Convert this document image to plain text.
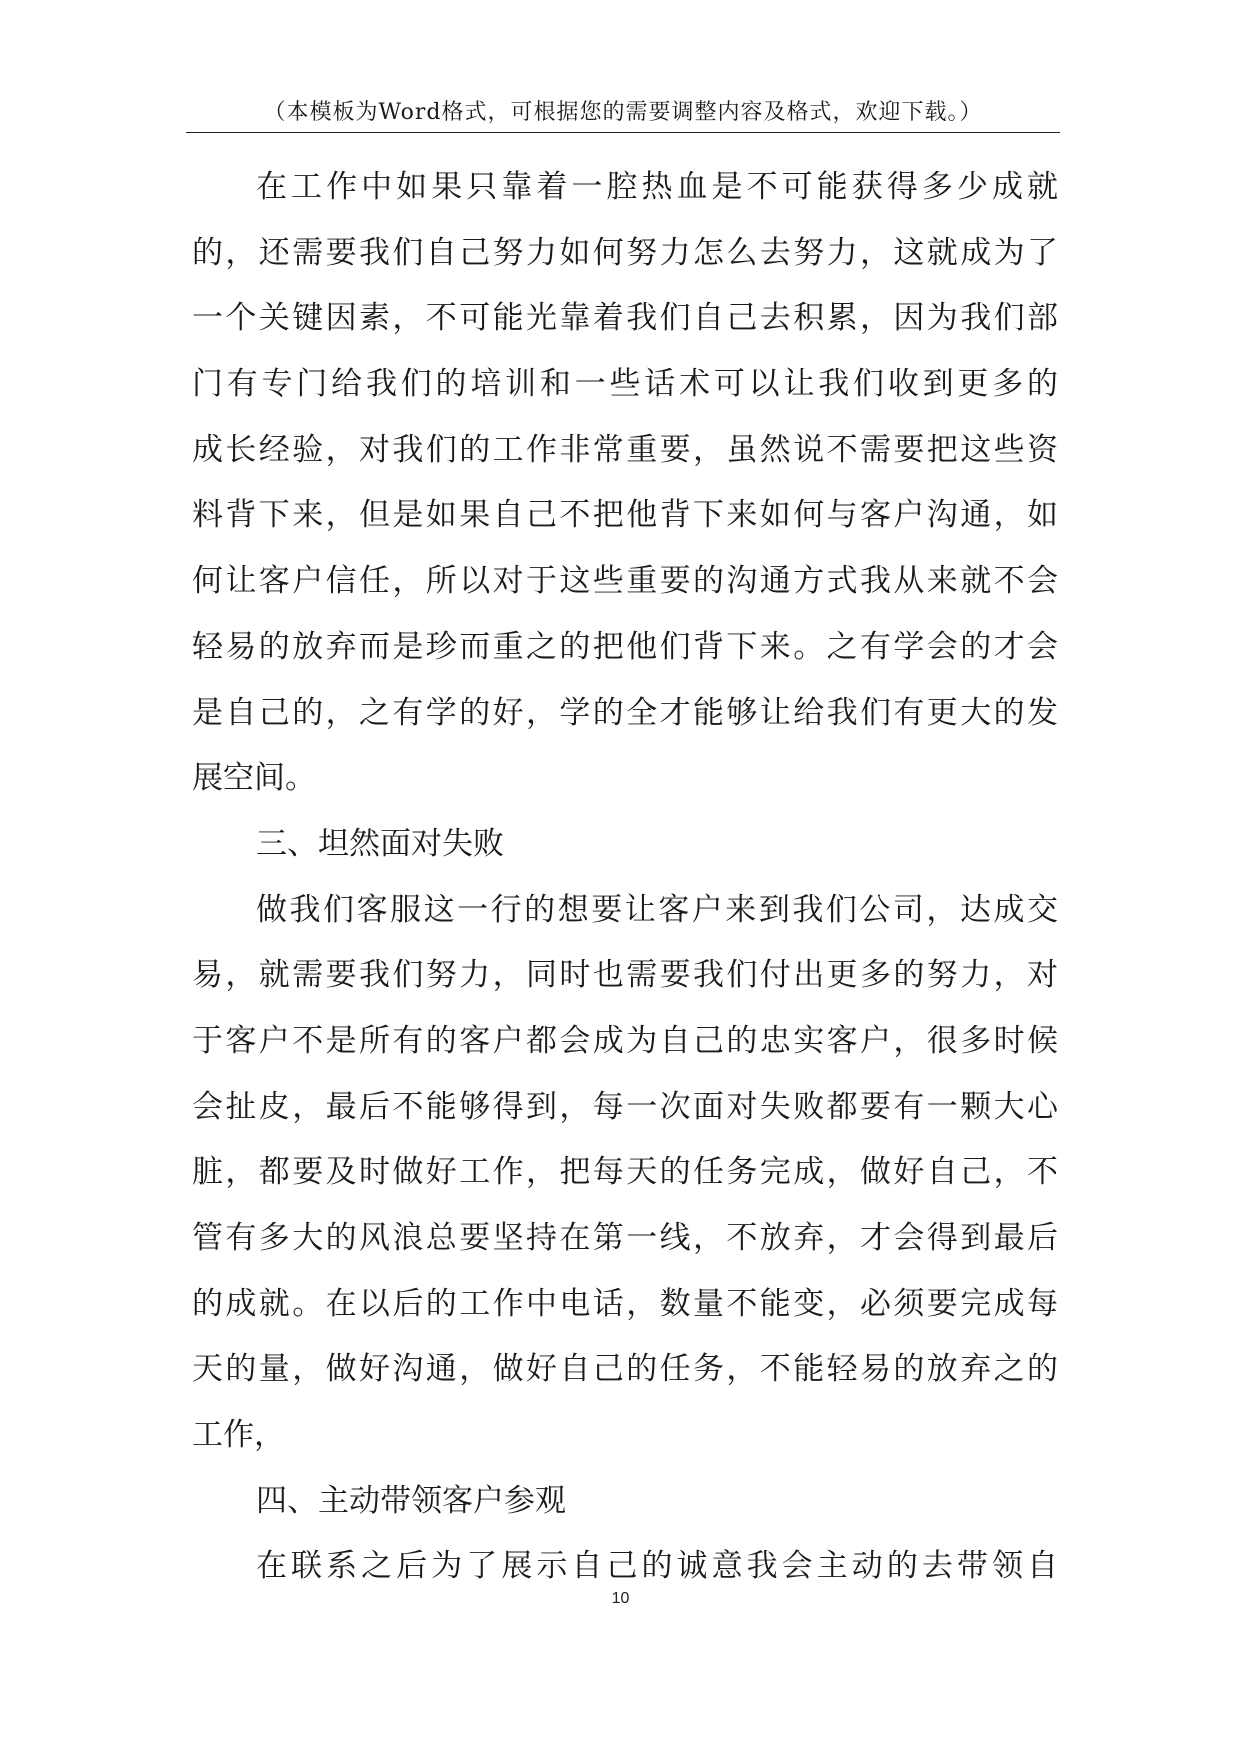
（本模板为Word格式，可根据您的需要调整内容及格式，欢迎下载。）
在工作中如果只靠着一腔热血是不可能获得多少成就
的，还需要我们自己努力如何努力怎么去努力，这就成为了
一个关键因素，不可能光靠着我们自己去积累，因为我们部
门有专门给我们的培训和一些话术可以让我们收到更多的
成长经验，对我们的工作非常重要，虽然说不需要把这些资
料背下来，但是如果自己不把他背下来如何与客户沟通，如
何让客户信任，所以对于这些重要的沟通方式我从来就不会
轻易的放弃而是珍而重之的把他们背下来。之有学会的才会
是自己的，之有学的好，学的全才能够让给我们有更大的发
展空间。
三、坦然面对失败
做我们客服这一行的想要让客户来到我们公司，达成交
易，就需要我们努力，同时也需要我们付出更多的努力，对
于客户不是所有的客户都会成为自己的忠实客户，很多时候
会扯皮，最后不能够得到，每一次面对失败都要有一颗大心
脏，都要及时做好工作，把每天的任务完成，做好自己，不
管有多大的风浪总要坚持在第一线，不放弃，才会得到最后
的成就。在以后的工作中电话，数量不能变，必须要完成每
天的量，做好沟通，做好自己的任务，不能轻易的放弃之的
工作，
四、主动带领客户参观
在联系之后为了展示自己的诚意我会主动的去带领自
10
